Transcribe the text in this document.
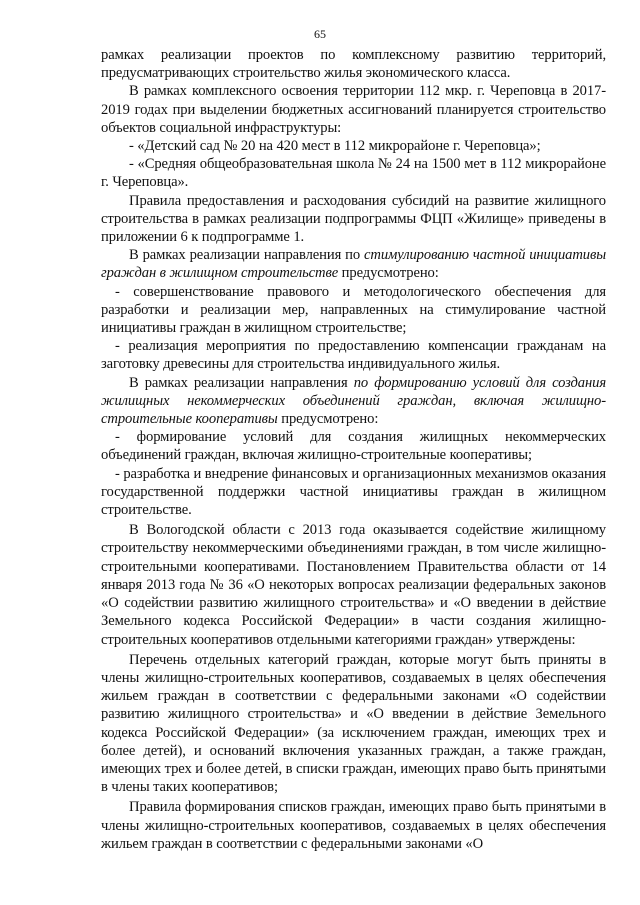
65

рамках реализации проектов по комплексному развитию территорий, предусматривающих строительство жилья экономического класса.

В рамках комплексного освоения территории 112 мкр. г. Череповца в 2017-2019 годах при выделении бюджетных ассигнований планируется строительство объектов социальной инфраструктуры:

- «Детский сад № 20 на 420 мест в 112 микрорайоне г. Череповца»;

- «Средняя общеобразовательная школа № 24 на 1500 мет в 112 микрорайоне г. Череповца».

Правила предоставления и расходования субсидий на развитие жилищного строительства в рамках реализации подпрограммы ФЦП «Жилище» приведены в приложении 6 к подпрограмме 1.

В рамках реализации направления по стимулированию частной инициативы граждан в жилищном строительстве предусмотрено:

- совершенствование правового и методологического обеспечения для разработки и реализации мер, направленных на стимулирование частной инициативы граждан в жилищном строительстве;

- реализация мероприятия по предоставлению компенсации гражданам на заготовку древесины для строительства индивидуального жилья.

В рамках реализации направления по формированию условий для создания жилищных некоммерческих объединений граждан, включая жилищно-строительные кооперативы предусмотрено:

- формирование условий для создания жилищных некоммерческих объединений граждан, включая жилищно-строительные кооперативы;

- разработка и внедрение финансовых и организационных механизмов оказания государственной поддержки частной инициативы граждан в жилищном строительстве.

В Вологодской области с 2013 года оказывается содействие жилищному строительству некоммерческими объединениями граждан, в том числе жилищно-строительными кооперативами. Постановлением Правительства области от 14 января 2013 года № 36 «О некоторых вопросах реализации федеральных законов «О содействии развитию жилищного строительства» и «О введении в действие Земельного кодекса Российской Федерации» в части создания жилищно-строительных кооперативов отдельными категориями граждан» утверждены:

Перечень отдельных категорий граждан, которые могут быть приняты в члены жилищно-строительных кооперативов, создаваемых в целях обеспечения жильем граждан в соответствии с федеральными законами «О содействии развитию жилищного строительства» и «О введении в действие Земельного кодекса Российской Федерации» (за исключением граждан, имеющих трех и более детей), и оснований включения указанных граждан, а также граждан, имеющих трех и более детей, в списки граждан, имеющих право быть принятыми в члены таких кооперативов;

Правила формирования списков граждан, имеющих право быть принятыми в члены жилищно-строительных кооперативов, создаваемых в целях обеспечения жильем граждан в соответствии с федеральными законами «О
